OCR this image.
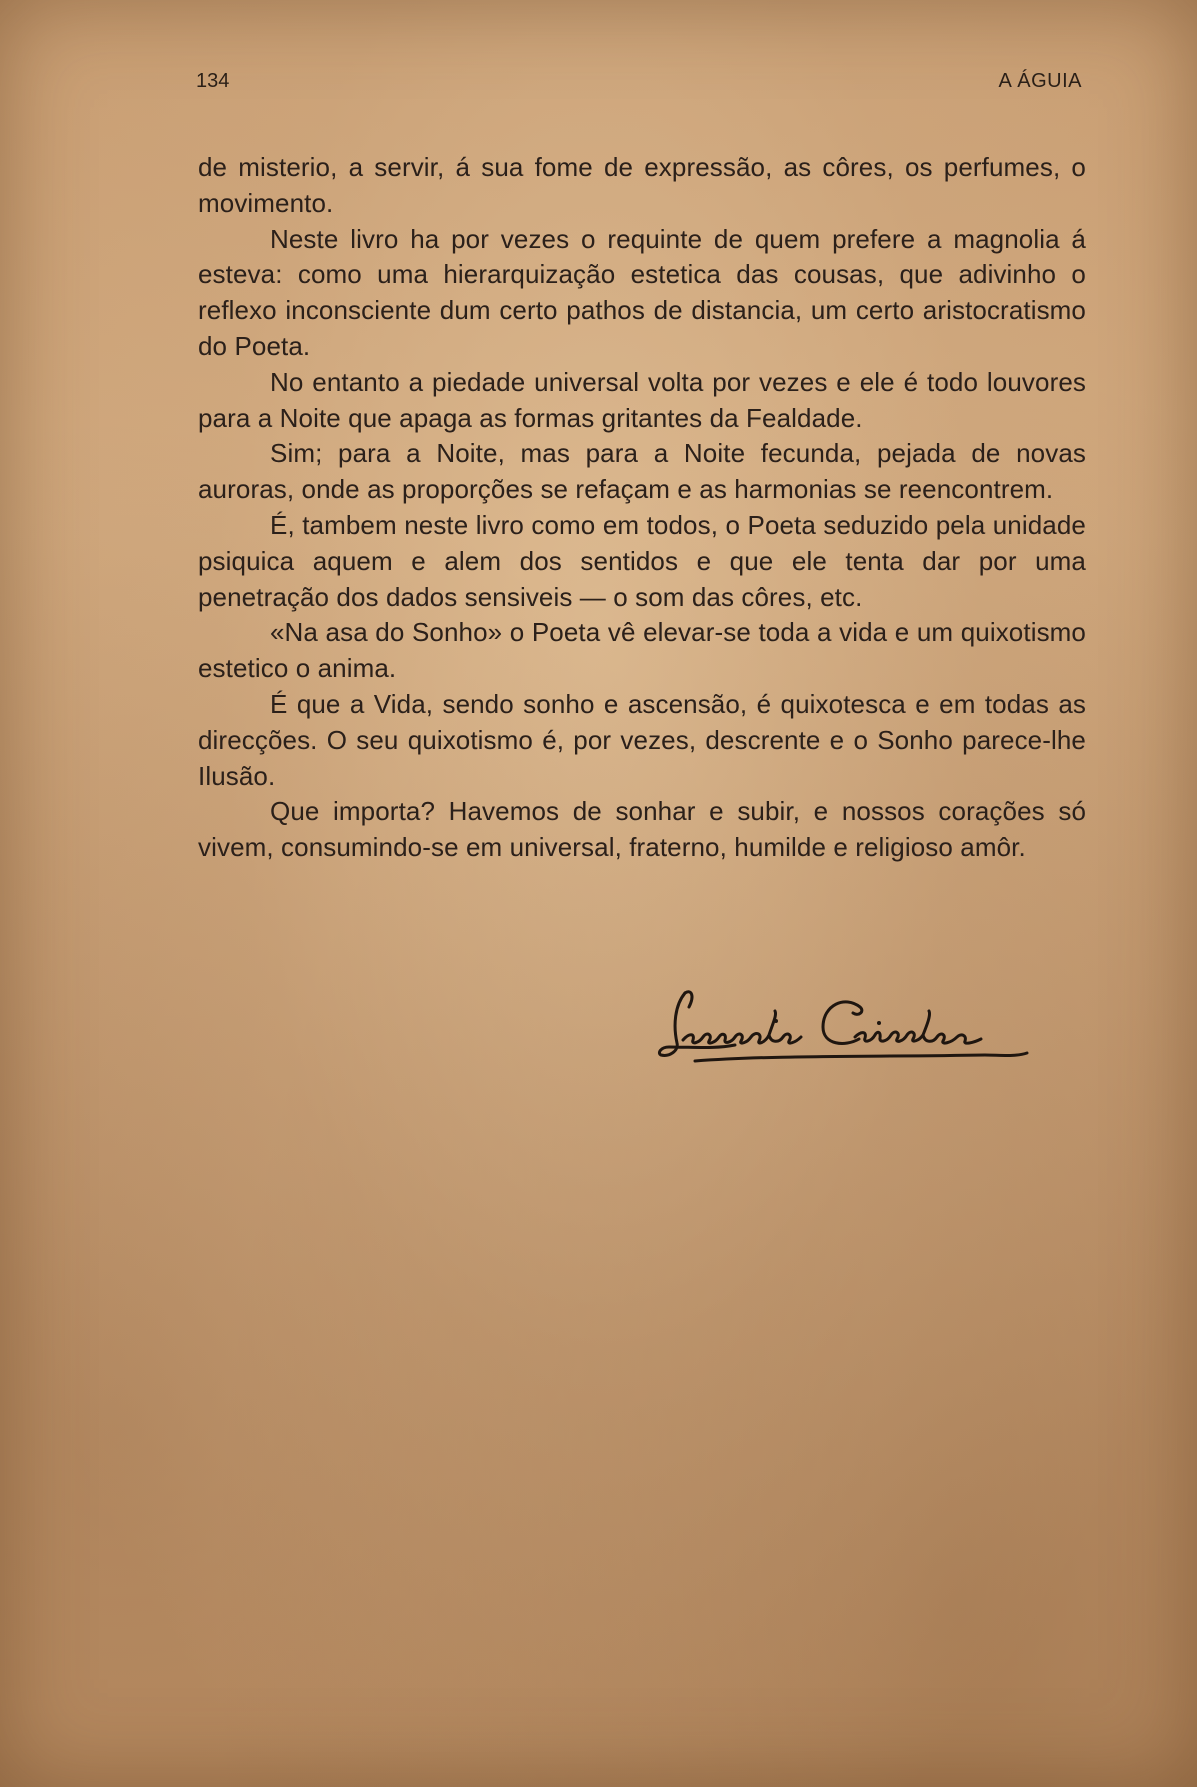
134	A ÁGUIA

de misterio, a servir, á sua fome de expressão, as côres, os perfumes, o movimento.

Neste livro ha por vezes o requinte de quem prefere a magnolia á esteva: como uma hierarquização estetica das cousas, que adivinho o reflexo inconsciente dum certo pathos de distancia, um certo aristocratismo do Poeta.

No entanto a piedade universal volta por vezes e ele é todo louvores para a Noite que apaga as formas gritantes da Fealdade.

Sim; para a Noite, mas para a Noite fecunda, pejada de novas auroras, onde as proporções se refaçam e as harmonias se reencontrem.

É, tambem neste livro como em todos, o Poeta seduzido pela unidade psiquica aquem e alem dos sentidos e que ele tenta dar por uma penetração dos dados sensiveis — o som das côres, etc.

«Na asa do Sonho» o Poeta vê elevar-se toda a vida e um quixotismo estetico o anima.

É que a Vida, sendo sonho e ascensão, é quixotesca e em todas as direcções. O seu quixotismo é, por vezes, descrente e o Sonho parece-lhe Ilusão.

Que importa? Havemos de sonhar e subir, e nossos corações só vivem, consumindo-se em universal, fraterno, humilde e religioso amôr.
